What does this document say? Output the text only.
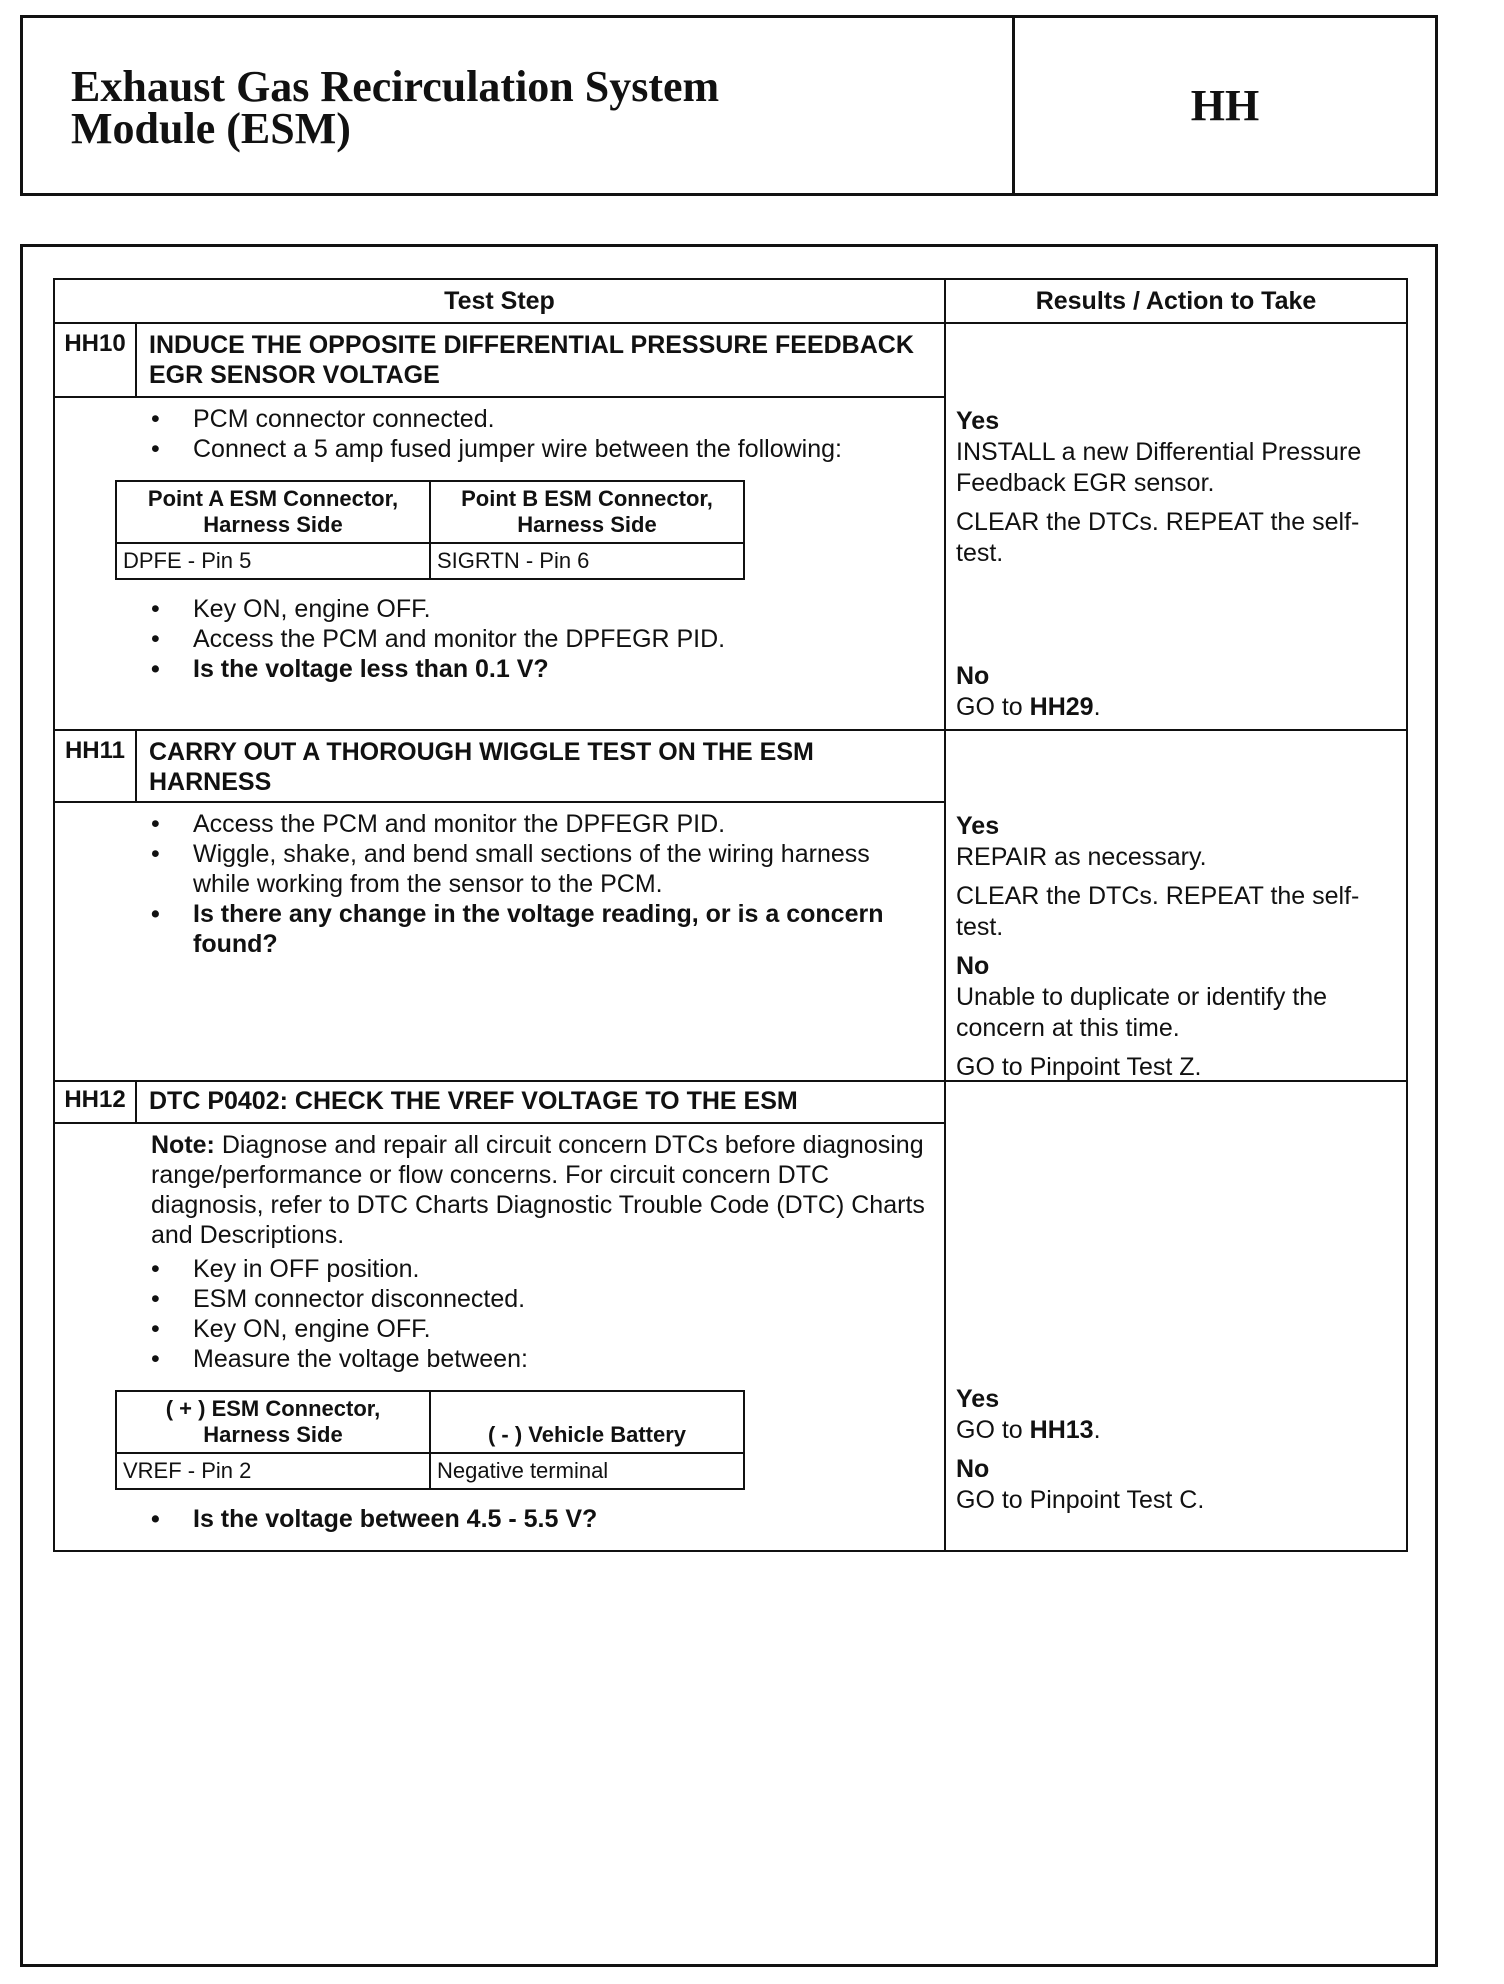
Exhaust Gas Recirculation System
Module (ESM)	HH
Test Step	Results / Action to Take
HH10 INDUCE THE OPPOSITE DIFFERENTIAL PRESSURE FEEDBACK EGR SENSOR VOLTAGE
• PCM connector connected.
• Connect a 5 amp fused jumper wire between the following:
Point A ESM Connector, Harness Side	Point B ESM Connector, Harness Side
DPFE - Pin 5	SIGRTN - Pin 6
• Key ON, engine OFF.
• Access the PCM and monitor the DPFEGR PID.
• Is the voltage less than 0.1 V?
Yes
INSTALL a new Differential Pressure Feedback EGR sensor.
CLEAR the DTCs. REPEAT the self-test.
No
GO to HH29.
HH11 CARRY OUT A THOROUGH WIGGLE TEST ON THE ESM HARNESS
• Access the PCM and monitor the DPFEGR PID.
• Wiggle, shake, and bend small sections of the wiring harness while working from the sensor to the PCM.
• Is there any change in the voltage reading, or is a concern found?
Yes
REPAIR as necessary.
CLEAR the DTCs. REPEAT the self-test.
No
Unable to duplicate or identify the concern at this time.
GO to Pinpoint Test Z.
HH12 DTC P0402: CHECK THE VREF VOLTAGE TO THE ESM
Note: Diagnose and repair all circuit concern DTCs before diagnosing range/performance or flow concerns. For circuit concern DTC diagnosis, refer to DTC Charts Diagnostic Trouble Code (DTC) Charts and Descriptions.
• Key in OFF position.
• ESM connector disconnected.
• Key ON, engine OFF.
• Measure the voltage between:
( + ) ESM Connector, Harness Side	( - ) Vehicle Battery
VREF - Pin 2	Negative terminal
• Is the voltage between 4.5 - 5.5 V?
Yes
GO to HH13.
No
GO to Pinpoint Test C.
